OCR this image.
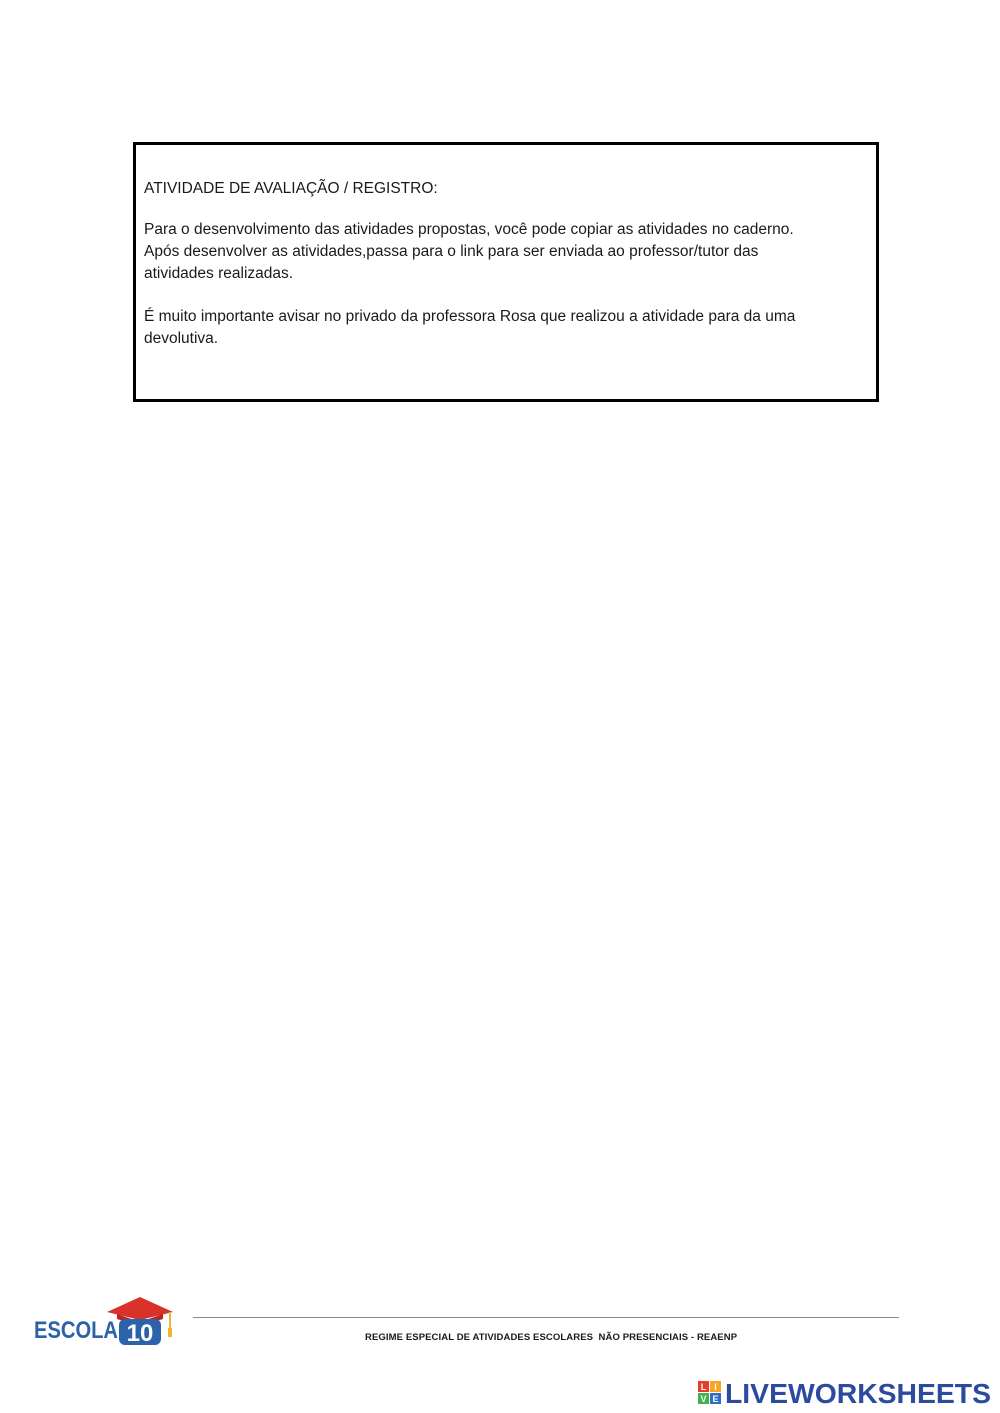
ATIVIDADE DE AVALIAÇÃO / REGISTRO:
Para o desenvolvimento das atividades propostas, você pode copiar as atividades no caderno.
Após desenvolver as atividades,passa para o link para ser enviada ao professor/tutor das
atividades realizadas.
É muito importante avisar no privado da professora Rosa que realizou a atividade para da uma
devolutiva.
10
ESCOLA	REGIME ESPECIAL DE ATIVIDADES ESCOLARES  NÃO PRESENCIAIS - REAENP
L I
V E LIVEWORKSHEETS
